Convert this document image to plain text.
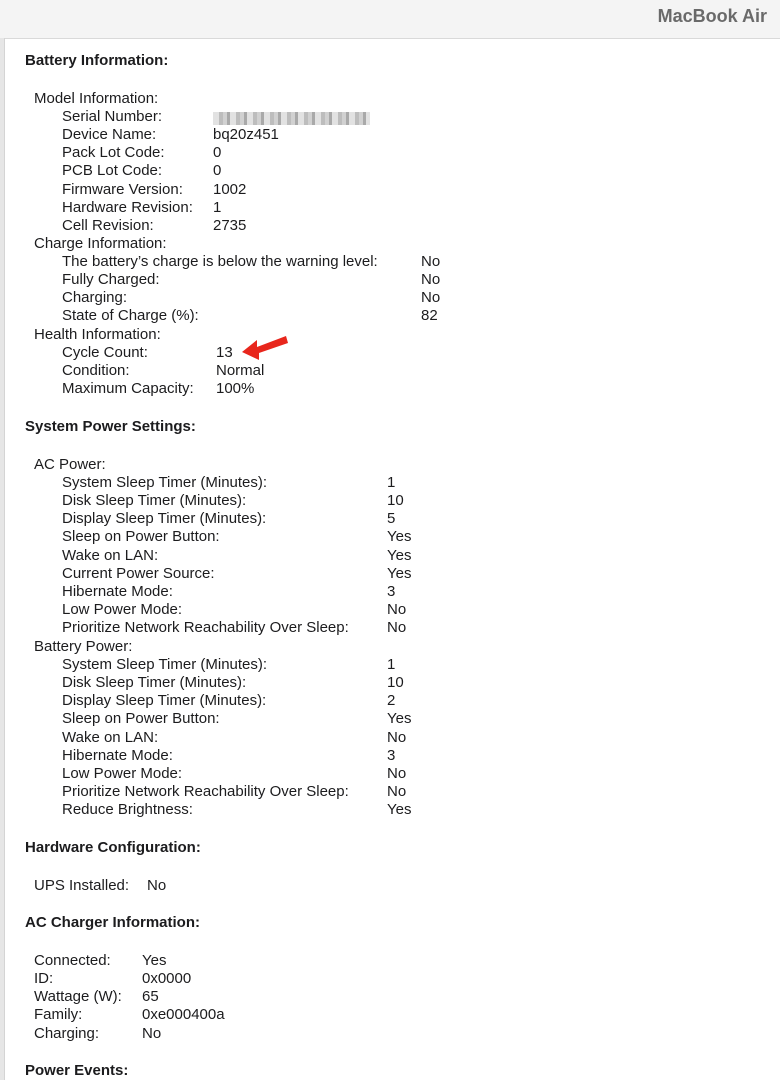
MacBook Air
Battery Information:
Model Information:
Serial Number:
Device Name:	bq20z451
Pack Lot Code:	0
PCB Lot Code:	0
Firmware Version: 1002
Hardware Revision: 1
Cell Revision:	2735
Charge Information:
The battery’s charge is below the warning level:	No
Fully Charged:	No
Charging:	No
State of Charge (%):	82
Health Information:
Cycle Count:	13
Condition:	Normal
Maximum Capacity: 100%
System Power Settings:
AC Power:
System Sleep Timer (Minutes):	1
Disk Sleep Timer (Minutes):	10
Display Sleep Timer (Minutes):	5
Sleep on Power Button:	Yes
Wake on LAN:	Yes
Current Power Source:	Yes
Hibernate Mode:	3
Low Power Mode:	No
Prioritize Network Reachability Over Sleep:	No
Battery Power:
System Sleep Timer (Minutes):	1
Disk Sleep Timer (Minutes):	10
Display Sleep Timer (Minutes):	2
Sleep on Power Button:	Yes
Wake on LAN:	No
Hibernate Mode:	3
Low Power Mode:	No
Prioritize Network Reachability Over Sleep:	No
Reduce Brightness:	Yes
Hardware Configuration:
UPS Installed: No
AC Charger Information:
Connected: Yes
ID:	0x0000
Wattage (W): 65
Family:	0xe000400a
Charging:	No
Power Events:
